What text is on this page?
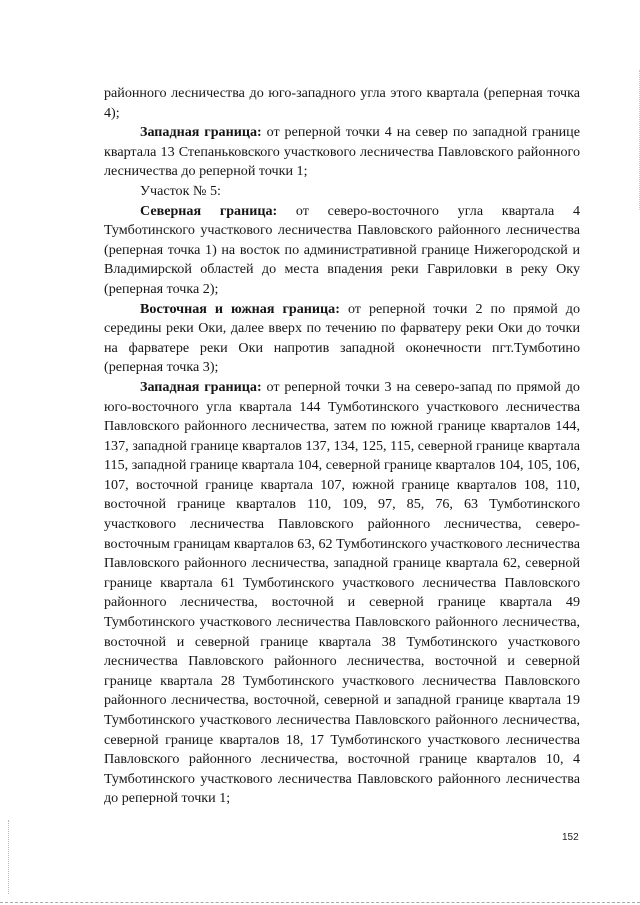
районного лесничества до юго-западного угла этого квартала (реперная точка 4);

Западная граница: от реперной точки 4 на север по западной границе квартала 13 Степаньковского участкового лесничества Павловского районного лесничества до реперной точки 1;

Участок № 5:

Северная граница: от северо-восточного угла квартала 4 Тумботинского участкового лесничества Павловского районного лесничества (реперная точка 1) на восток по административной границе Нижегородской и Владимирской областей до места впадения реки Гавриловки в реку Оку (реперная точка 2);

Восточная и южная граница: от реперной точки 2 по прямой до середины реки Оки, далее вверх по течению по фарватеру реки Оки до точки на фарватере реки Оки напротив западной оконечности пгт.Тумботино (реперная точка 3);

Западная граница: от реперной точки 3 на северо-запад по прямой до юго-восточного угла квартала 144 Тумботинского участкового лесничества Павловского районного лесничества, затем по южной границе кварталов 144, 137, западной границе кварталов 137, 134, 125, 115, северной границе квартала 115, западной границе квартала 104, северной границе кварталов 104, 105, 106, 107, восточной границе квартала 107, южной границе кварталов 108, 110, восточной границе кварталов 110, 109, 97, 85, 76, 63 Тумботинского участкового лесничества Павловского районного лесничества, северо-восточным границам кварталов 63, 62 Тумботинского участкового лесничества Павловского районного лесничества, западной границе квартала 62, северной границе квартала 61 Тумботинского участкового лесничества Павловского районного лесничества, восточной и северной границе квартала 49 Тумботинского участкового лесничества Павловского районного лесничества, восточной и северной границе квартала 38 Тумботинского участкового лесничества Павловского районного лесничества, восточной и северной границе квартала 28 Тумботинского участкового лесничества Павловского районного лесничества, восточной, северной и западной границе квартала 19 Тумботинского участкового лесничества Павловского районного лесничества, северной границе кварталов 18, 17 Тумботинского участкового лесничества Павловского районного лесничества, восточной границе кварталов 10, 4 Тумботинского участкового лесничества Павловского районного лесничества до реперной точки 1;

152
